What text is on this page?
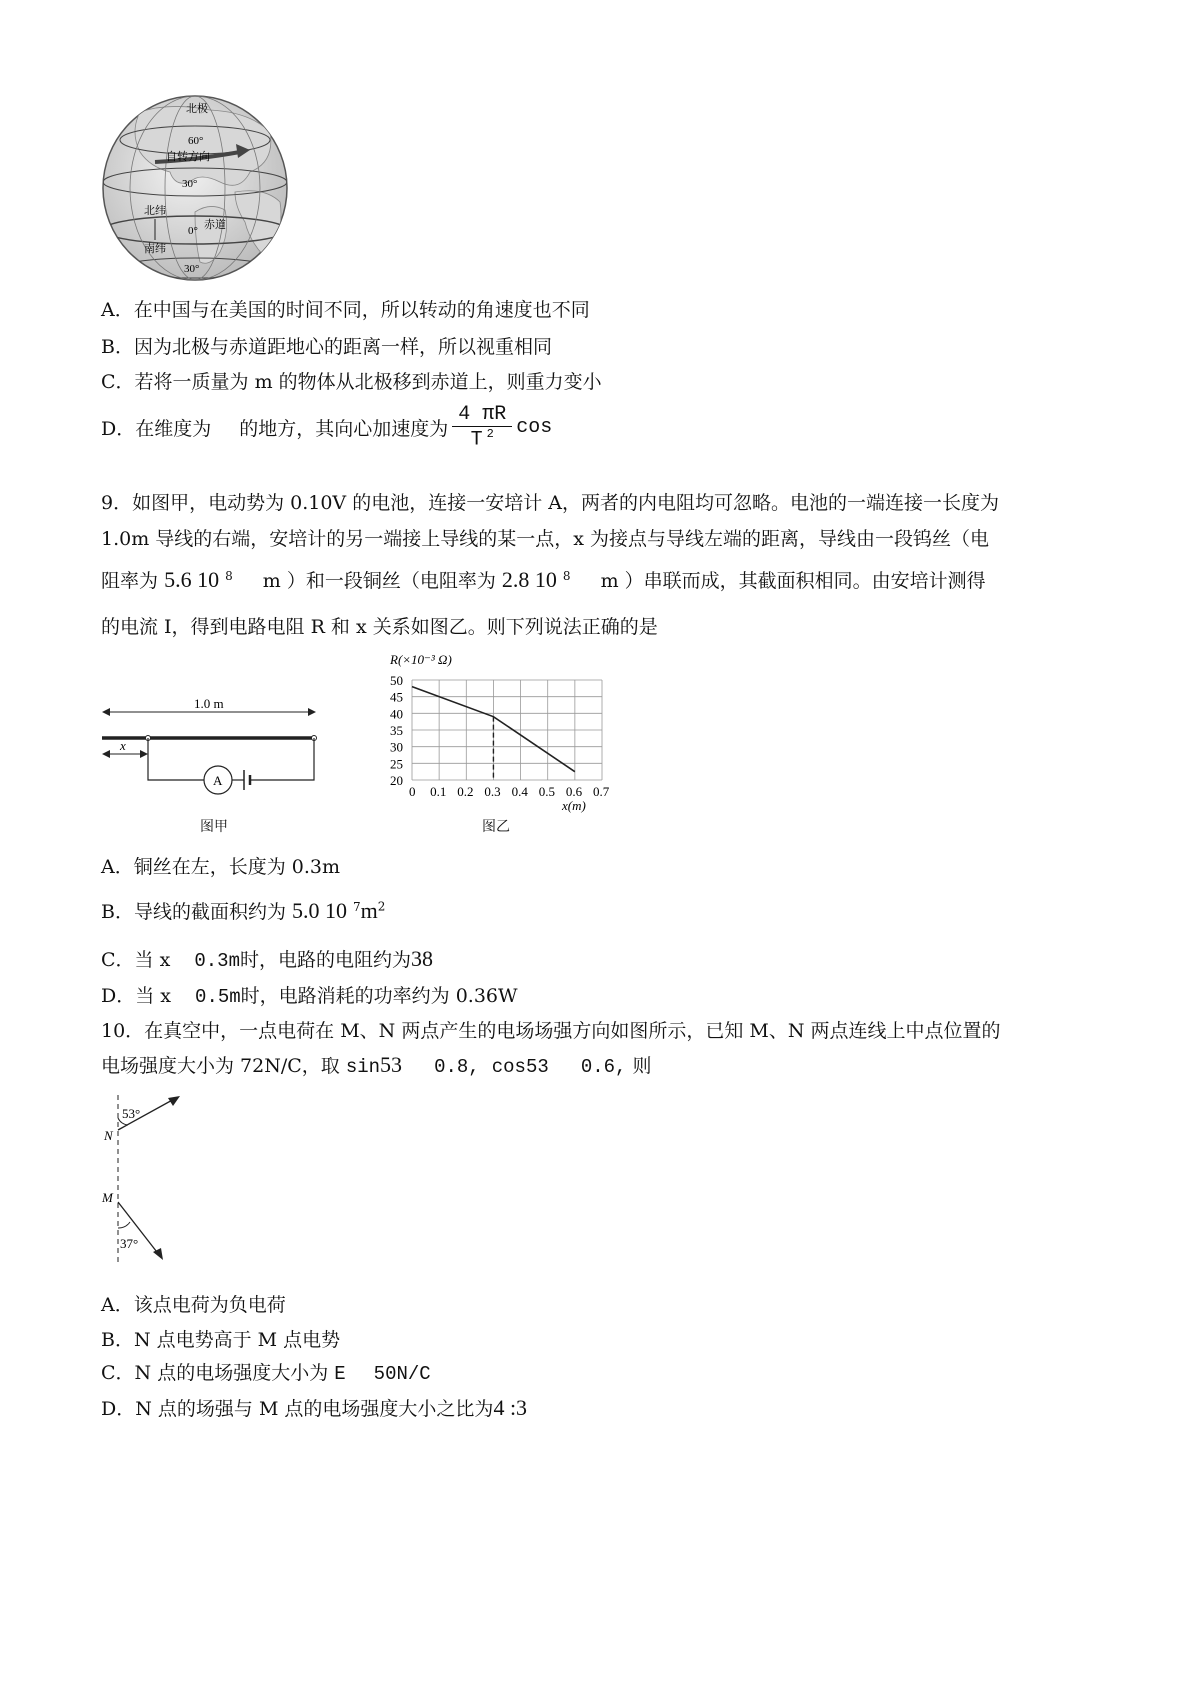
北极
60°
自转方向
30°
北纬
0° 赤道
南纬
30°
A．在中国与在美国的时间不同，所以转动的角速度也不同
B．因为北极与赤道距地心的距离一样，所以视重相同
C．若将一质量为 m 的物体从北极移到赤道上，则重力变小
D． 在维度为 的地方，其向心加速度为 $\frac{4 \pi R}{T ^2}$ cos
9．如图甲，电动势为 0.10V 的电池，连接一安培计 A，两者的内电阻均可忽略。电池的一端连接一长度为
1.0m 导线的右端，安培计的另一端接上导线的某一点，x 为接点与导线左端的距离，导线由一段钨丝（电
阻率为 5.6 10 $^8$ m ）和一段铜丝（电阻率为 2.8 10 $^8$ m ）串联而成，其截面积相同。由安培计测得
的电流 I，得到电路电阻 R 和 x 关系如图乙。则下列说法正确的是
1.0 m
x
A
图甲
0 0.1 0.2 0.3 0.4 0.5 0.6 0.7
20
25
30
35
40
45
50
R(×10⁻³ Ω)
x(m)
图乙
A．铜丝在左，长度为 0.3m
B．导线的截面积约为 5.0 10 $^7m^2$
C．当 x 0.3m时，电路的电阻约为38
D．当 x 0.5m时，电路消耗的功率约为 0.36W
10．在真空中，一点电荷在 M、N 两点产生的电场场强方向如图所示，已知 M、N 两点连线上中点位置的
电场强度大小为 72N/C，取 sin53 0.8, cos53 0.6, 则
53°
N
37°
M
A．该点电荷为负电荷
B．N 点电势高于 M 点电势
C．N 点的电场强度大小为 E 50N/C
D．N 点的场强与 M 点的电场强度大小之比为4 :3
